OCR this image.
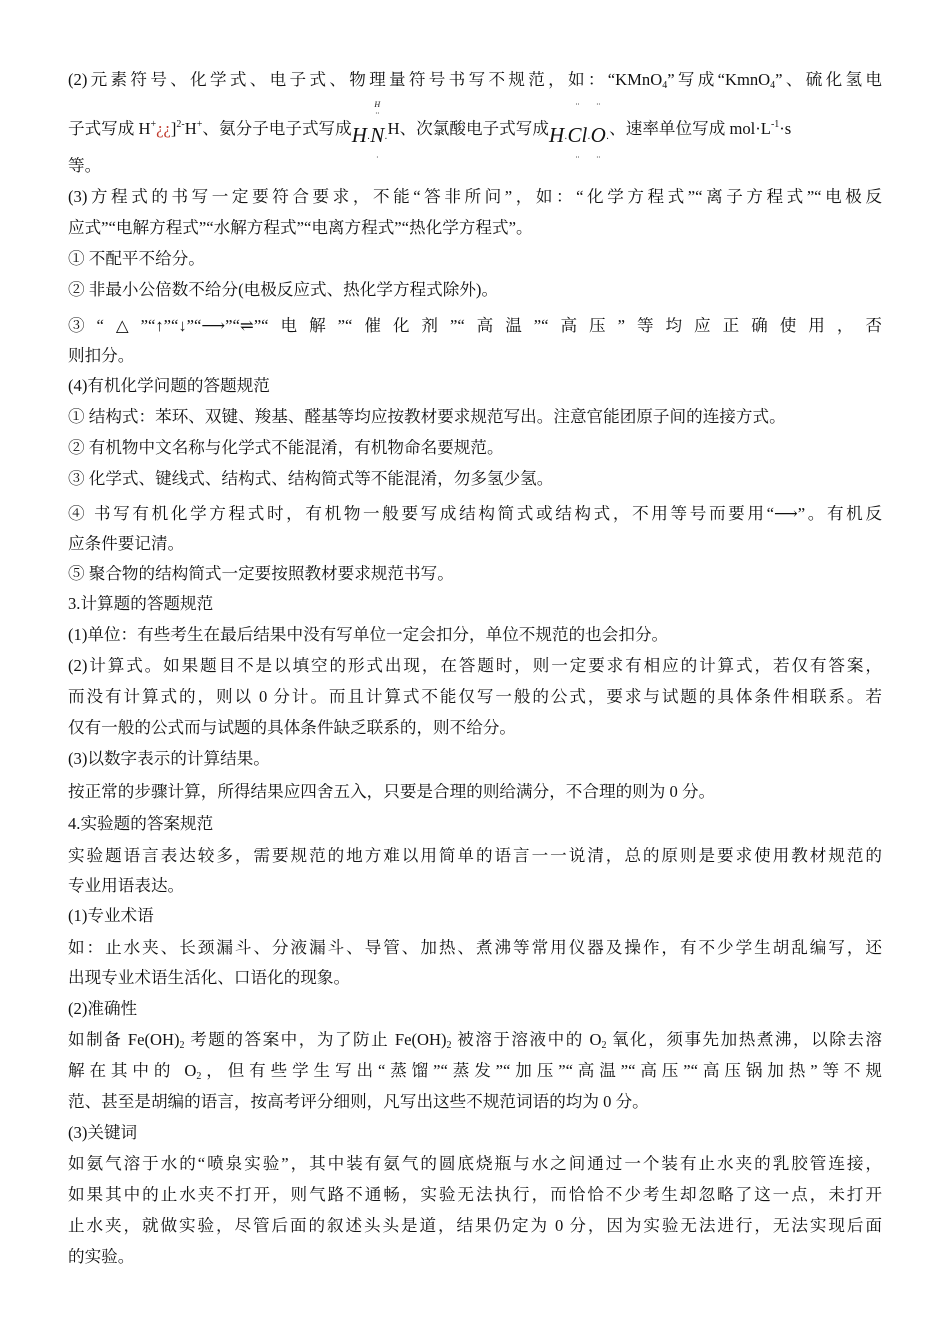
(2)元素符号、化学式、电子式、物理量符号书写不规范，如：“KMnO$_4$”写成“KmnO$_4$”、硫化氢电
子式写成 H+¿¿]$^{2-}$H+、氨分子电子式写成$H_\cdot N$
H
··
·
$_\cdot$H、次氯酸电子式写成$H_\cdot Cl$
··
··
$_\cdot$O
··
··
$_\cdot$、速率单位写成 $mol\cdot L^{-1}\cdot s$
等。
(3)方程式的书写一定要符合要求，不能“答非所问”，如：“化学方程式”“离子方程式”“电极反
应式”“电解方程式”“水解方程式”“电离方程式”“热化学方程式”。
① 不配平不给分。
② 非最小公倍数不给分(电极反应式、热化学方程式除外)。
③“△”“↑”“↓”“⟶”“⇌”“电解”“催化剂”“高温”“高压”等均应正确使用，否
则扣分。
(4)有机化学问题的答题规范
① 结构式：苯环、双键、羧基、醛基等均应按教材要求规范写出。注意官能团原子间的连接方式。
② 有机物中文名称与化学式不能混淆，有机物命名要规范。
③ 化学式、键线式、结构式、结构简式等不能混淆，勿多氢少氢。
④ 书写有机化学方程式时，有机物一般要写成结构简式或结构式，不用等号而要用“⟶”。有机反
应条件要记清。
⑤ 聚合物的结构简式一定要按照教材要求规范书写。
3.计算题的答题规范
(1)单位：有些考生在最后结果中没有写单位一定会扣分，单位不规范的也会扣分。
(2)计算式。如果题目不是以填空的形式出现，在答题时，则一定要求有相应的计算式，若仅有答案，
而没有计算式的，则以 0 分计。而且计算式不能仅写一般的公式，要求与试题的具体条件相联系。若
仅有一般的公式而与试题的具体条件缺乏联系的，则不给分。
(3)以数字表示的计算结果。
按正常的步骤计算，所得结果应四舍五入，只要是合理的则给满分，不合理的则为 0 分。
4.实验题的答案规范
实验题语言表达较多，需要规范的地方难以用简单的语言一一说清，总的原则是要求使用教材规范的
专业用语表达。
(1)专业术语
如：止水夹、长颈漏斗、分液漏斗、导管、加热、煮沸等常用仪器及操作，有不少学生胡乱编写，还
出现专业术语生活化、口语化的现象。
(2)准确性
如制备 $Fe(OH)_2$ 考题的答案中，为了防止 $Fe(OH)_2$ 被溶于溶液中的 $O_2$ 氧化，须事先加热煮沸，以除去溶
解在其中的 $O_2$，但有些学生写出“蒸馏”“蒸发”“加压”“高温”“高压”“高压锅加热”等不规
范、甚至是胡编的语言，按高考评分细则，凡写出这些不规范词语的均为 0 分。
(3)关键词
如氨气溶于水的“喷泉实验”，其中装有氨气的圆底烧瓶与水之间通过一个装有止水夹的乳胶管连接，
如果其中的止水夹不打开，则气路不通畅，实验无法执行，而恰恰不少考生却忽略了这一点，未打开
止水夹，就做实验，尽管后面的叙述头头是道，结果仍定为 0 分，因为实验无法进行，无法实现后面
的实验。
